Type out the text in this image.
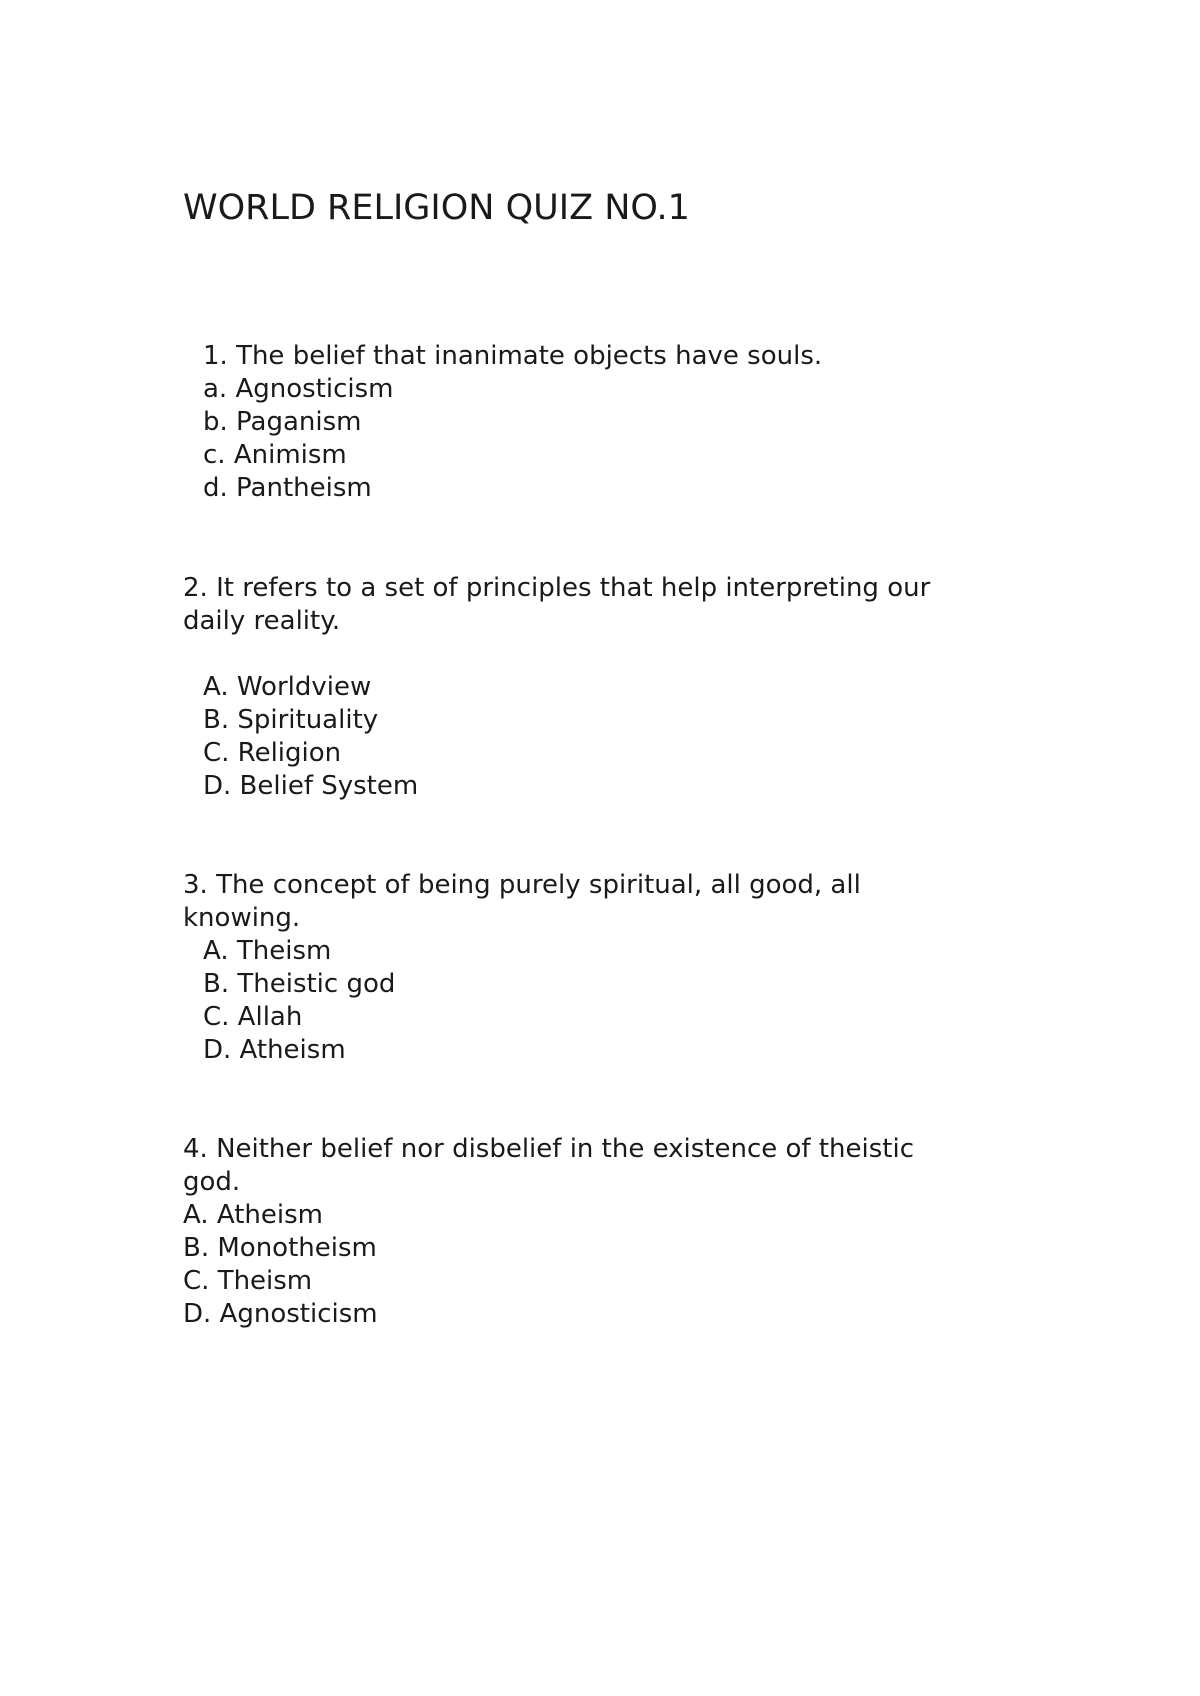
WORLD RELIGION QUIZ NO.1
1. The belief that inanimate objects have souls.
a. Agnosticism
b. Paganism
c. Animism
d. Pantheism
2. It refers to a set of principles that help interpreting our
daily reality.
A. Worldview
B. Spirituality
C. Religion
D. Belief System
3. The concept of being purely spiritual, all good, all
knowing.
A. Theism
B. Theistic god
C. Allah
D. Atheism
4. Neither belief nor disbelief in the existence of theistic
god.
A. Atheism
B. Monotheism
C. Theism
D. Agnosticism
